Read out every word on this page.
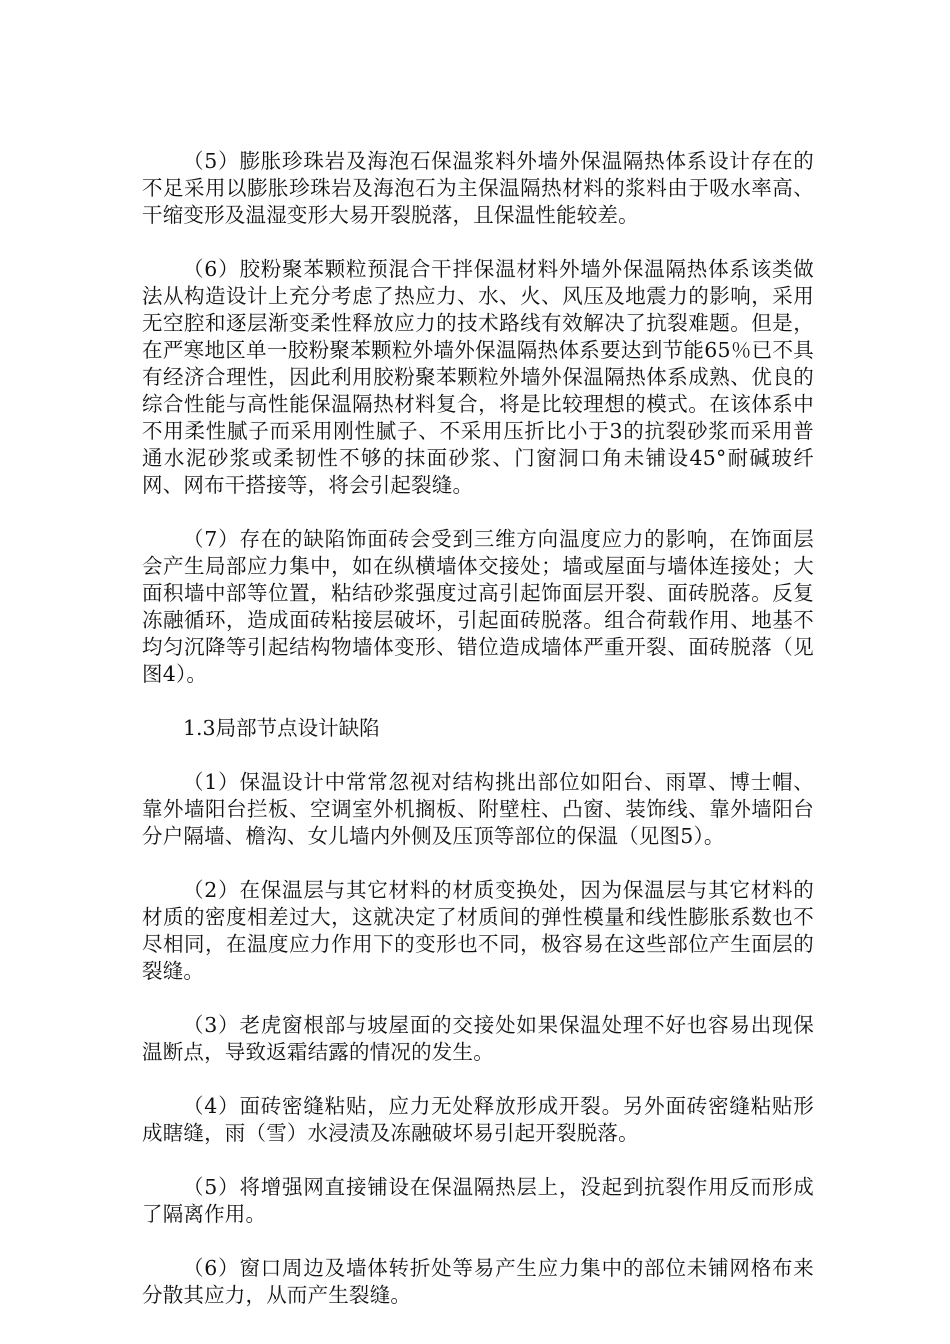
（5）膨胀珍珠岩及海泡石保温浆料外墙外保温隔热体系设计存在的不足采用以膨胀珍珠岩及海泡石为主保温隔热材料的浆料由于吸水率高、干缩变形及温湿变形大易开裂脱落，且保温性能较差。

（6）胶粉聚苯颗粒预混合干拌保温材料外墙外保温隔热体系该类做法从构造设计上充分考虑了热应力、水、火、风压及地震力的影响，采用无空腔和逐层渐变柔性释放应力的技术路线有效解决了抗裂难题。但是，在严寒地区单一胶粉聚苯颗粒外墙外保温隔热体系要达到节能65％已不具有经济合理性，因此利用胶粉聚苯颗粒外墙外保温隔热体系成熟、优良的综合性能与高性能保温隔热材料复合，将是比较理想的模式。在该体系中不用柔性腻子而采用刚性腻子、不采用压折比小于3的抗裂砂浆而采用普通水泥砂浆或柔韧性不够的抹面砂浆、门窗洞口角未铺设45°耐碱玻纤网、网布干搭接等，将会引起裂缝。

（7）存在的缺陷饰面砖会受到三维方向温度应力的影响，在饰面层会产生局部应力集中，如在纵横墙体交接处；墙或屋面与墙体连接处；大面积墙中部等位置，粘结砂浆强度过高引起饰面层开裂、面砖脱落。反复冻融循环，造成面砖粘接层破坏，引起面砖脱落。组合荷载作用、地基不均匀沉降等引起结构物墙体变形、错位造成墙体严重开裂、面砖脱落（见图4）。

1.3局部节点设计缺陷

（1）保温设计中常常忽视对结构挑出部位如阳台、雨罩、博士帽、靠外墙阳台拦板、空调室外机搁板、附壁柱、凸窗、装饰线、靠外墙阳台分户隔墙、檐沟、女儿墙内外侧及压顶等部位的保温（见图5）。

（2）在保温层与其它材料的材质变换处，因为保温层与其它材料的材质的密度相差过大，这就决定了材质间的弹性模量和线性膨胀系数也不尽相同，在温度应力作用下的变形也不同，极容易在这些部位产生面层的裂缝。

（3）老虎窗根部与坡屋面的交接处如果保温处理不好也容易出现保温断点，导致返霜结露的情况的发生。

（4）面砖密缝粘贴，应力无处释放形成开裂。另外面砖密缝粘贴形成瞎缝，雨（雪）水浸渍及冻融破坏易引起开裂脱落。

（5）将增强网直接铺设在保温隔热层上，没起到抗裂作用反而形成了隔离作用。

（6）窗口周边及墙体转折处等易产生应力集中的部位未铺网格布来分散其应力，从而产生裂缝。
